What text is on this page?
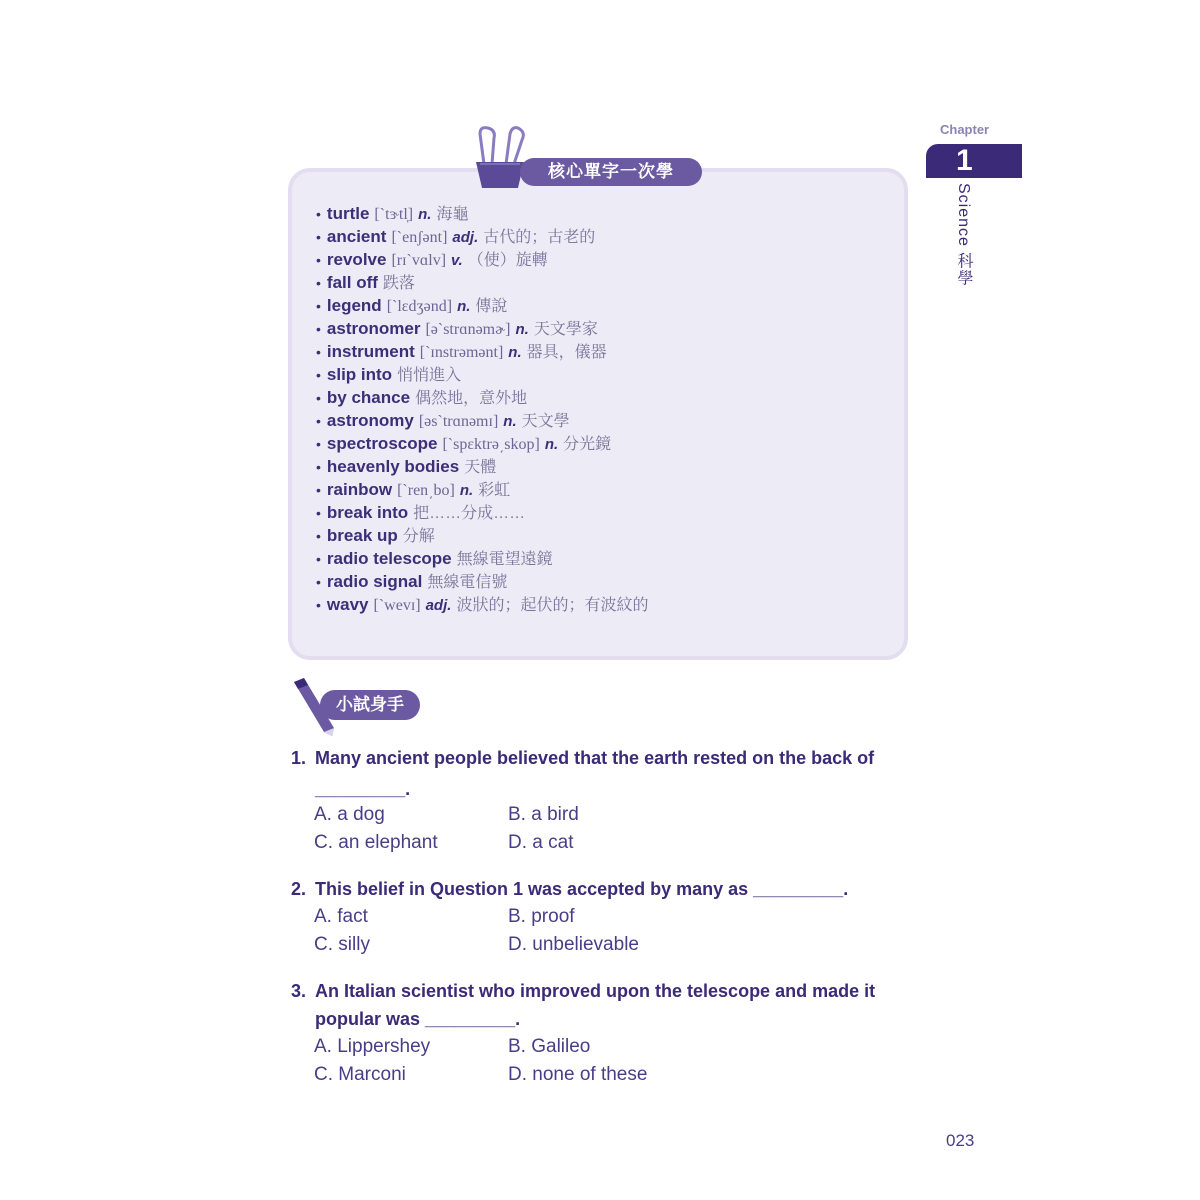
Chapter
1
Science 科學
核心單字一次學
• turtle [`tɝtl̩] n. 海龜
• ancient [`enʃənt] adj. 古代的；古老的
• revolve [rɪ`vɑlv] v. （使）旋轉
• fall off 跌落
• legend [`lɛdʒənd] n. 傳說
• astronomer [ə`strɑnəmɚ] n. 天文學家
• instrument [`ɪnstrəmənt] n. 器具，儀器
• slip into 悄悄進入
• by chance 偶然地，意外地
• astronomy [əs`trɑnəmɪ] n. 天文學
• spectroscope [`spɛktrə͵skop] n. 分光鏡
• heavenly bodies 天體
• rainbow [`ren͵bo] n. 彩虹
• break into 把……分成……
• break up 分解
• radio telescope 無線電望遠鏡
• radio signal 無線電信號
• wavy [`wevɪ] adj. 波狀的；起伏的；有波紋的
小試身手
1. Many ancient people believed that the earth rested on the back of
_________.
A. a dog	B. a bird
C. an elephant	D. a cat
2. This belief in Question 1 was accepted by many as _________.
A. fact	B. proof
C. silly	D. unbelievable
3. An Italian scientist who improved upon the telescope and made it
popular was _________.
A. Lippershey	B. Galileo
C. Marconi	D. none of these
023
